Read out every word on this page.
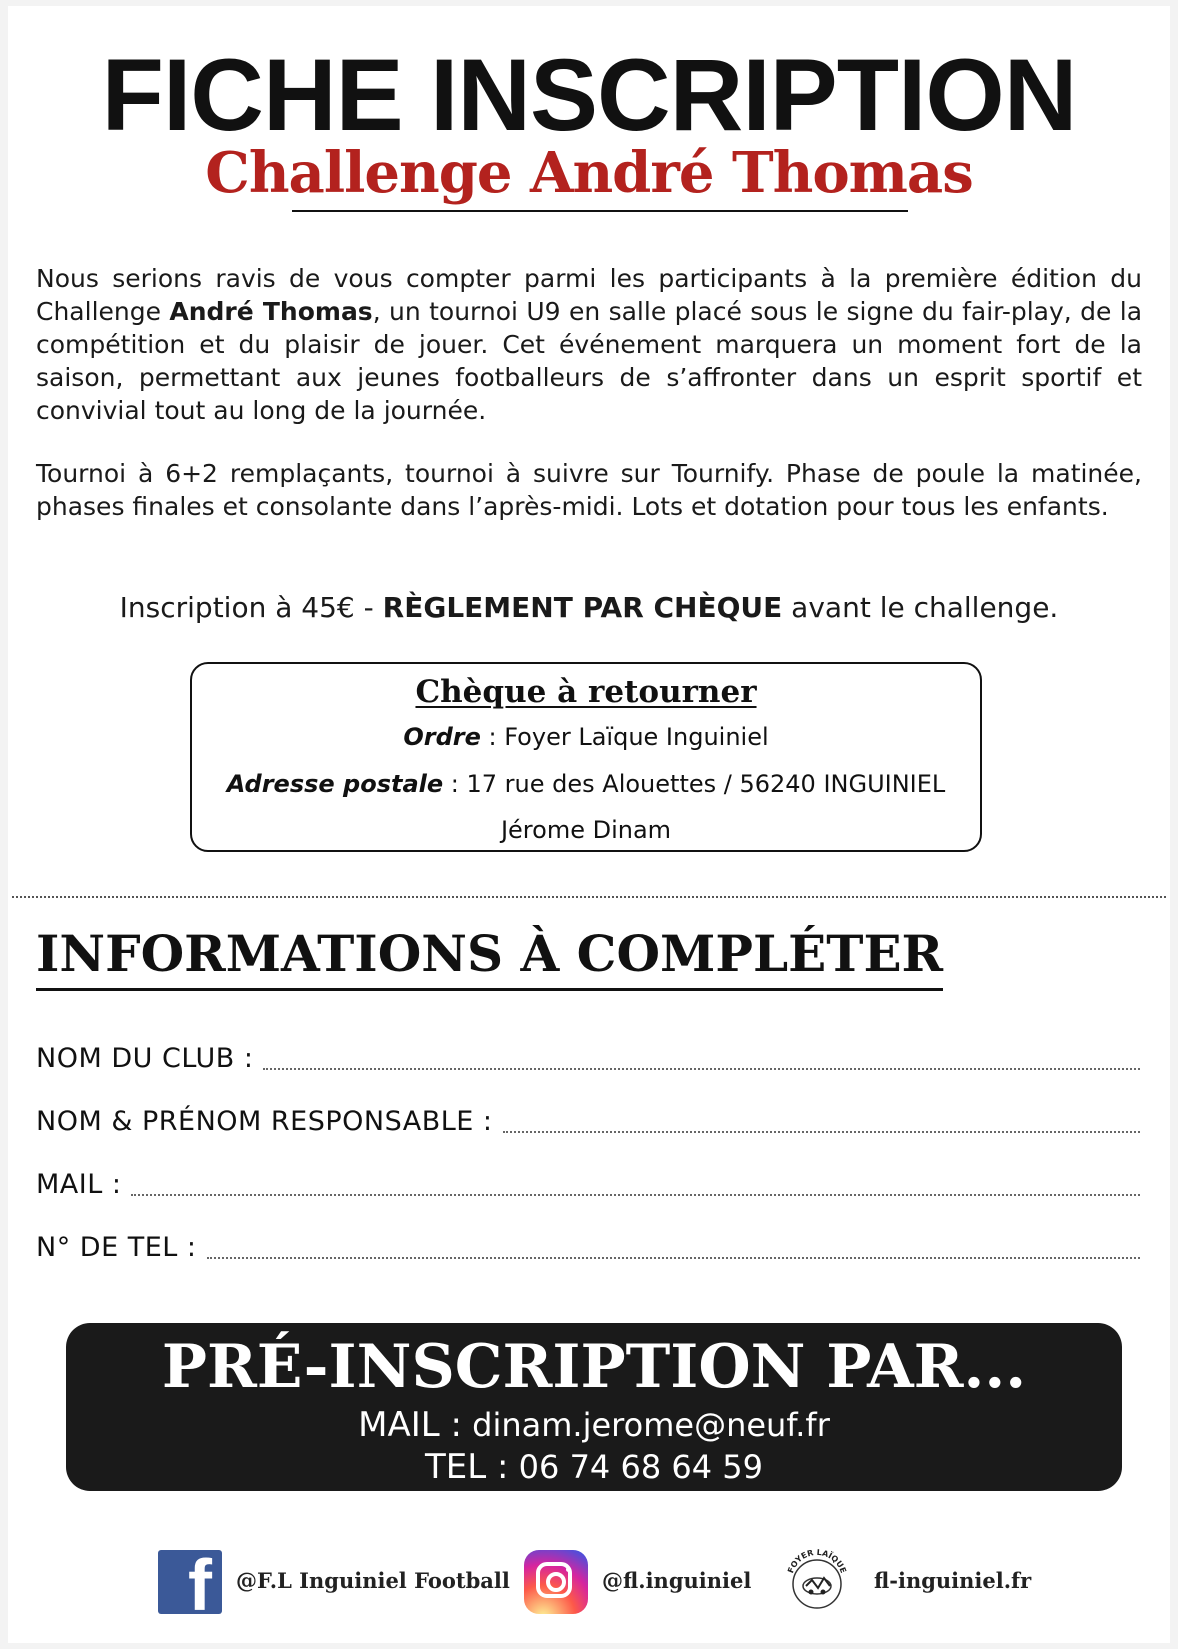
FICHE INSCRIPTION
Challenge André Thomas

Nous serions ravis de vous compter parmi les participants à la première édition du Challenge André Thomas, un tournoi U9 en salle placé sous le signe du fair-play, de la compétition et du plaisir de jouer. Cet événement marquera un moment fort de la saison, permettant aux jeunes footballeurs de s’affronter dans un esprit sportif et convivial tout au long de la journée.

Tournoi à 6+2 remplaçants, tournoi à suivre sur Tournify. Phase de poule la matinée, phases finales et consolante dans l’après-midi. Lots et dotation pour tous les enfants.

Inscription à 45€ - RÈGLEMENT PAR CHÈQUE avant le challenge.
Chèque à retourner
Ordre : Foyer Laïque Inguiniel
Adresse postale : 17 rue des Alouettes / 56240 INGUINIEL
Jérome Dinam
INFORMATIONS À COMPLÉTER
NOM DU CLUB :
NOM & PRÉNOM RESPONSABLE :
MAIL :
N° DE TEL :
PRÉ-INSCRIPTION PAR...
MAIL : dinam.jerome@neuf.fr
TEL : 06 74 68 64 59
f @F.L Inguiniel Football	@fl.inguiniel	FOYER LAÏQUE fl-inguiniel.fr
